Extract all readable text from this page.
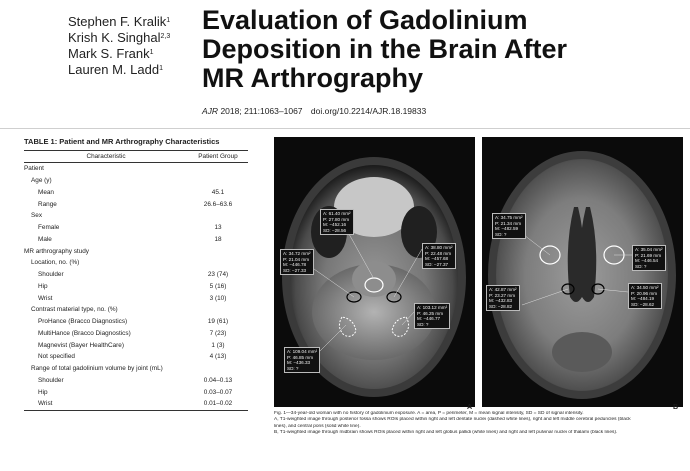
Stephen F. Kralik$^1$
Krish K. Singhal$^{2,3}$
Mark S. Frank$^1$
Lauren M. Ladd$^1$
Evaluation of Gadolinium
Deposition in the Brain After
MR Arthrography
AJR 2018; 211:1063–1067 doi.org/10.2214/AJR.18.19833
TABLE 1: Patient and MR Arthrography Characteristics
Characteristic	Patient Group
Patient
Age (y)
Mean	45.1
Range	26.6–63.6
Sex
Female	13
Male	18
MR arthrography study
Location, no. (%)
Shoulder	23 (74)
Hip	5 (16)
Wrist	3 (10)
Contrast material type, no. (%)
ProHance (Bracco Diagnostics)	19 (61)
MultiHance (Bracco Diagnostics)	7 (23)
Magnevist (Bayer HealthCare)	1 (3)
Not specified	4 (13)
Range of total gadolinium volume by joint (mL)
Shoulder	0.04–0.13
Hip	0.03–0.07
Wrist	0.01–0.02
A: 61.40 mm²
P: 27.80 mm
M: −452.16
SD: −28.56
A: 38.80 mm²
P: 22.48 mm
M: −457.68
SD: −27.37
A: 34.72 mm²
P: 21.04 mm
M: −446.78
SD: −27.33
A: 103.12 mm²
P: 46.25 mm
M: −446.77
SD: ?
A: 109.04 mm²
P: 46.85 mm
M: −436.33
SD: ?
A: 34.75 mm²
P: 21.34 mm
M: −482.59
SD: ?
A: 35.04 mm²
P: 21.69 mm
M: −446.54
SD: ?
A: 42.87 mm²
P: 23.27 mm
M: −432.83
SD: −28.82
A: 34.50 mm²
P: 20.96 mm
M: −484.19
SD: −28.62
A	B
Fig. 1—34-year-old woman with no history of gadolinium exposure. A = area, P = perimeter, M = mean signal intensity, SD = SD of signal intensity.
A, T1-weighted image through posterior fossa shows ROIs placed within right and left dentate nuclei (dashed white lines), right and left middle cerebral peduncles (black
lines), and central pons (solid white line).
B, T1-weighted image through midbrain shows ROIs placed within right and left globus pallidi (white lines) and right and left pulvinar nuclei of thalami (black lines).
